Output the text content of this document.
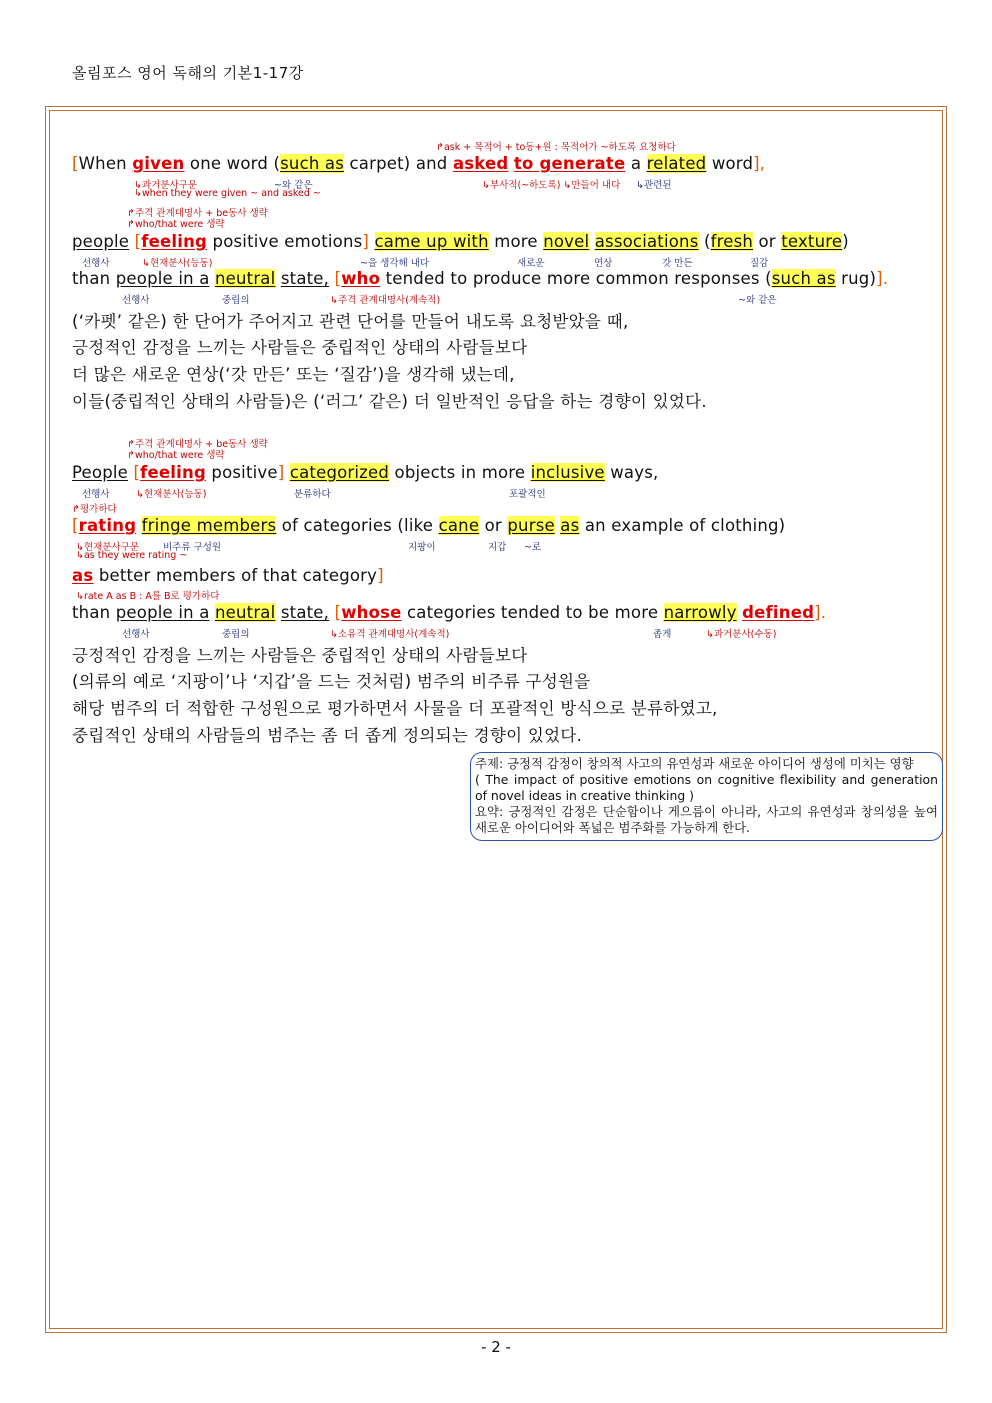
올림포스 영어 독해의 기본1-17강
↱ask + 목적어 + to동+원 : 목적어가 ~하도록 요청하다
[When given one word (such as carpet) and asked to generate a related word],
↳과거분사구문	~와 같은	↳부사적(~하도록) ↳만들어 내다 ↳관련된
↳when they were given ~ and asked ~
↱주격 관계대명사 + be동사 생략
↱who/that were 생략
people [feeling positive emotions] came up with more novel associations (fresh or texture)
선행사	↳현재분사(능동)	~을 생각해 내다	새로운	연상	갓 만든	질감
than people in a neutral state, [who tended to produce more common responses (such as rug)].
선행사	중립의	↳주격 관계대명사(계속적)	~와 같은
(‘카펫’ 같은) 한 단어가 주어지고 관련 단어를 만들어 내도록 요청받았을 때,
긍정적인 감정을 느끼는 사람들은 중립적인 상태의 사람들보다
더 많은 새로운 연상(‘갓 만든’ 또는 ‘질감’)을 생각해 냈는데,
이들(중립적인 상태의 사람들)은 (‘러그’ 같은) 더 일반적인 응답을 하는 경향이 있었다.
↱주격 관계대명사 + be동사 생략
↱who/that were 생략
People [feeling positive] categorized objects in more inclusive ways,
선행사	↳현재분사(능동)	분류하다	포괄적인
↱평가하다
[rating fringe members of categories (like cane or purse as an example of clothing)
↳현재분사구문	비주류 구성원	지팡이	지갑 ~로
↳as they were rating ~
as better members of that category]
↳rate A as B : A를 B로 평가하다
than people in a neutral state, [whose categories tended to be more narrowly defined].
선행사	중립의	↳소유격 관계대명사(계속적)	좁게	↳과거분사(수동)
긍정적인 감정을 느끼는 사람들은 중립적인 상태의 사람들보다
(의류의 예로 ‘지팡이’나 ‘지갑’을 드는 것처럼) 범주의 비주류 구성원을
해당 범주의 더 적합한 구성원으로 평가하면서 사물을 더 포괄적인 방식으로 분류하였고,
중립적인 상태의 사람들의 범주는 좀 더 좁게 정의되는 경향이 있었다.
주제: 긍정적 감정이 창의적 사고의 유연성과 새로운 아이디어 생성에 미치는 영향
( The impact of positive emotions on cognitive flexibility and generation of novel ideas in creative thinking )
요약: 긍정적인 감정은 단순함이나 게으름이 아니라, 사고의 유연성과 창의성을 높여 새로운 아이디어와 폭넓은 범주화를 가능하게 한다.
- 2 -
